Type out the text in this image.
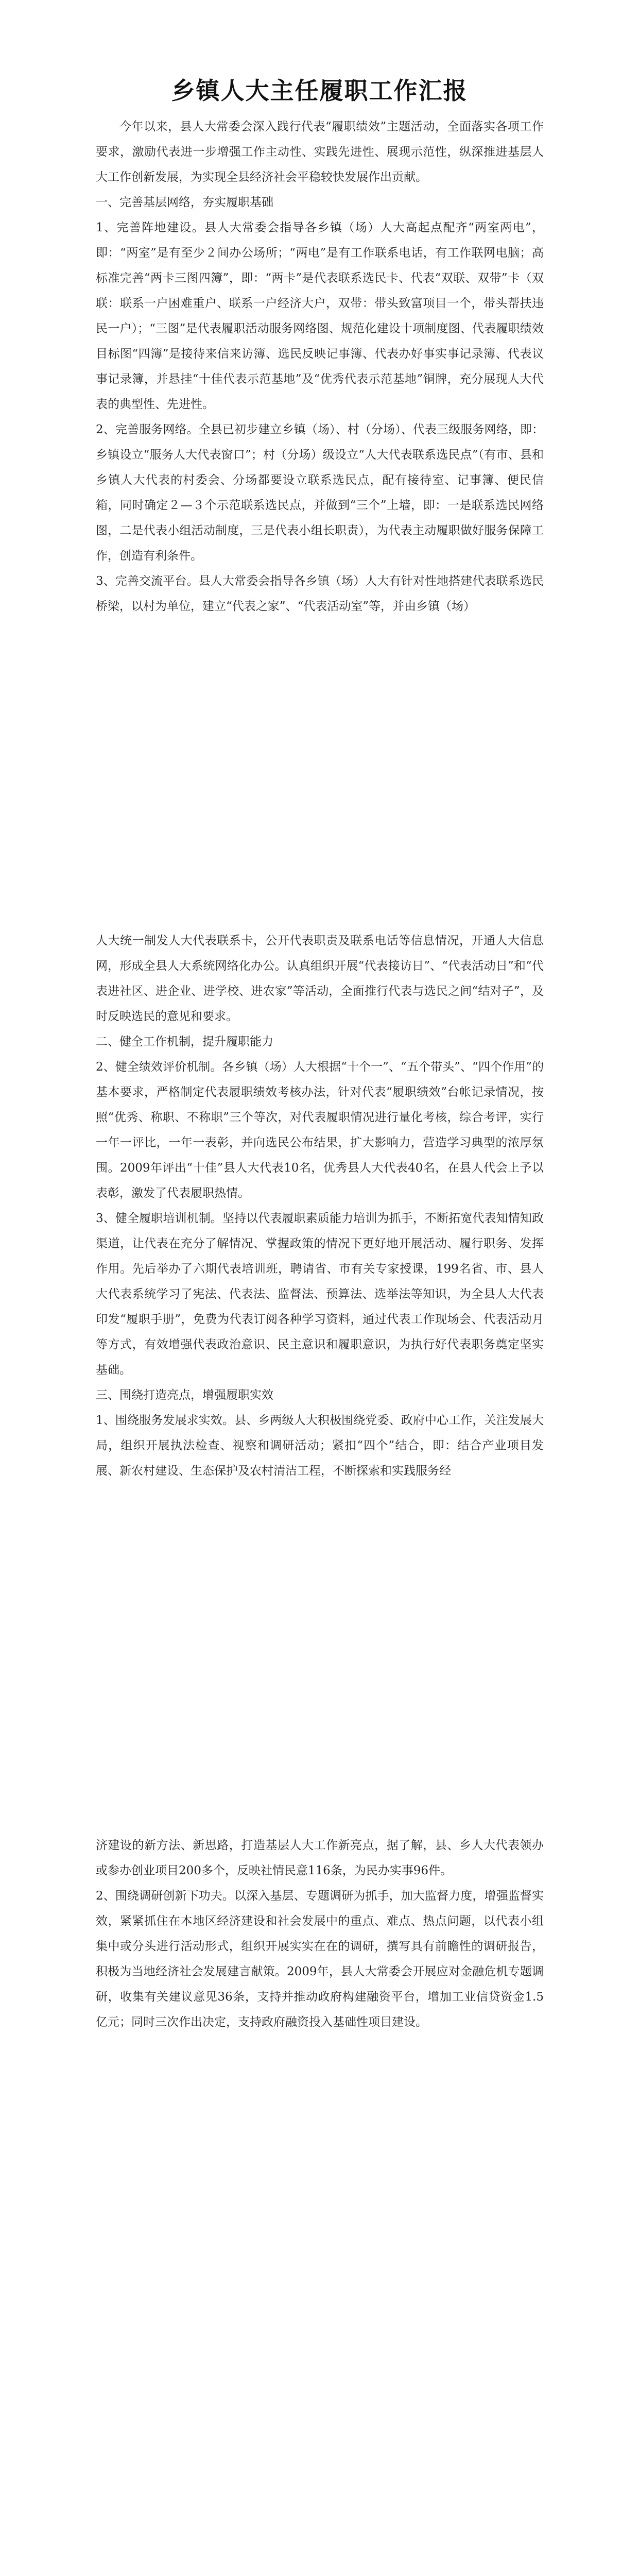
乡镇人大主任履职工作汇报

今年以来，县人大常委会深入践行代表“履职绩效”主题活动，全面落实各项工作要求，激励代表进一步增强工作主动性、实践先进性、展现示范性，纵深推进基层人大工作创新发展，为实现全县经济社会平稳较快发展作出贡献。

一、完善基层网络，夯实履职基础

1、完善阵地建设。县人大常委会指导各乡镇（场）人大高起点配齐“两室两电”，即：“两室”是有至少２间办公场所；“两电”是有工作联系电话，有工作联网电脑；高标准完善“两卡三图四簿”，即：“两卡”是代表联系选民卡、代表“双联、双带”卡（双联：联系一户困难重户、联系一户经济大户，双带：带头致富项目一个，带头帮扶违民一户）；“三图”是代表履职活动服务网络图、规范化建设十项制度图、代表履职绩效目标图“四簿”是接待来信来访簿、选民反映记事簿、代表办好事实事记录簿、代表议事记录簿，并悬挂“十佳代表示范基地”及“优秀代表示范基地”铜牌，充分展现人大代表的典型性、先进性。

2、完善服务网络。全县已初步建立乡镇（场）、村（分场）、代表三级服务网络，即：乡镇设立“服务人大代表窗口”；村（分场）级设立“人大代表联系选民点”（有市、县和乡镇人大代表的村委会、分场都要设立联系选民点，配有接待室、记事簿、便民信箱，同时确定２—３个示范联系选民点，并做到“三个”上墙，即：一是联系选民网络图，二是代表小组活动制度，三是代表小组长职责），为代表主动履职做好服务保障工作，创造有利条件。

3、完善交流平台。县人大常委会指导各乡镇（场）人大有针对性地搭建代表联系选民桥梁，以村为单位，建立“代表之家”、“代表活动室”等，并由乡镇（场）

人大统一制发人大代表联系卡，公开代表职责及联系电话等信息情况，开通人大信息网，形成全县人大系统网络化办公。认真组织开展“代表接访日”、“代表活动日”和“代表进社区、进企业、进学校、进农家”等活动，全面推行代表与选民之间“结对子”，及时反映选民的意见和要求。

二、健全工作机制，提升履职能力

2、健全绩效评价机制。各乡镇（场）人大根据“十个一”、“五个带头”、“四个作用”的基本要求，严格制定代表履职绩效考核办法，针对代表“履职绩效”台帐记录情况，按照“优秀、称职、不称职”三个等次，对代表履职情况进行量化考核，综合考评，实行一年一评比，一年一表彰，并向选民公布结果，扩大影响力，营造学习典型的浓厚氛围。2009年评出“十佳”县人大代表10名，优秀县人大代表40名，在县人代会上予以表彰，激发了代表履职热情。

3、健全履职培训机制。坚持以代表履职素质能力培训为抓手，不断拓宽代表知情知政渠道，让代表在充分了解情况、掌握政策的情况下更好地开展活动、履行职务、发挥作用。先后举办了六期代表培训班，聘请省、市有关专家授课，199名省、市、县人大代表系统学习了宪法、代表法、监督法、预算法、选举法等知识，为全县人大代表印发“履职手册”，免费为代表订阅各种学习资料，通过代表工作现场会、代表活动月等方式，有效增强代表政治意识、民主意识和履职意识，为执行好代表职务奠定坚实基础。

三、围绕打造亮点，增强履职实效

1、围绕服务发展求实效。县、乡两级人大积极围绕党委、政府中心工作，关注发展大局，组织开展执法检查、视察和调研活动；紧扣“四个”结合，即：结合产业项目发展、新农村建设、生态保护及农村清洁工程，不断探索和实践服务经

济建设的新方法、新思路，打造基层人大工作新亮点，据了解，县、乡人大代表领办或参办创业项目200多个，反映社情民意116条，为民办实事96件。

2、围绕调研创新下功夫。以深入基层、专题调研为抓手，加大监督力度，增强监督实效，紧紧抓住在本地区经济建设和社会发展中的重点、难点、热点问题，以代表小组集中或分头进行活动形式，组织开展实实在在的调研，撰写具有前瞻性的调研报告，积极为当地经济社会发展建言献策。2009年，县人大常委会开展应对金融危机专题调研，收集有关建议意见36条，支持并推动政府构建融资平台，增加工业信贷资金1.5亿元；同时三次作出决定，支持政府融资投入基础性项目建设。
